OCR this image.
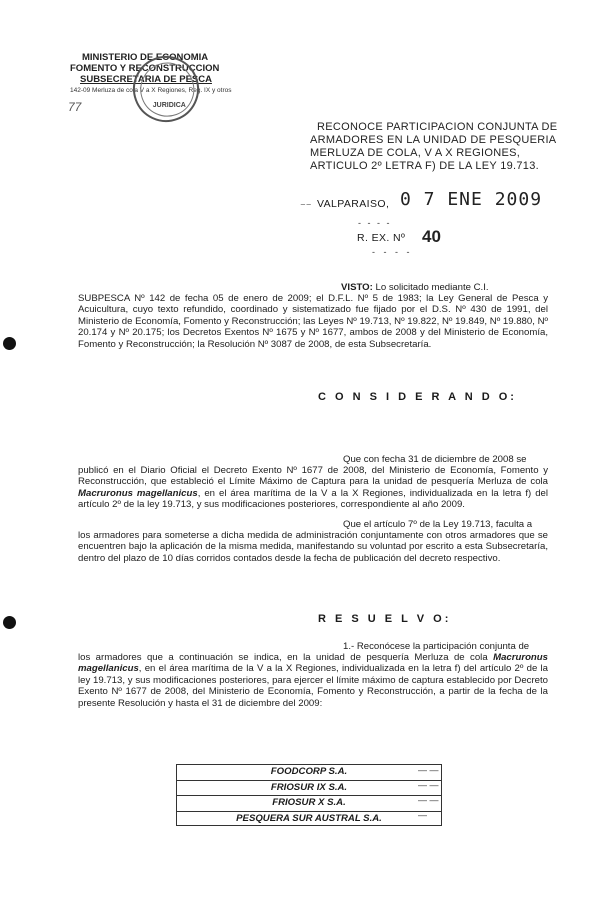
MINISTERIO DE ECONOMIA
FOMENTO Y RECONSTRUCCION
SUBSECRETARIA DE PESCA
142-09 Merluza de cola V a X Regiones, Reg. IX y otros
77	JURIDICA
RECONOCE PARTICIPACION CONJUNTA DE
ARMADORES EN LA UNIDAD DE PESQUERIA
MERLUZA DE COLA, V A X REGIONES,
ARTICULO 2º LETRA F) DE LA LEY 19.713.
⁻⁻ VALPARAISO, 0 7 ENE 2009
- - - -
R. EX. Nº 40
- - - -
VISTO: Lo solicitado mediante C.I.
SUBPESCA Nº 142 de fecha 05 de enero de 2009; el D.F.L. Nº 5 de 1983; la Ley General de Pesca y Acuicultura, cuyo texto refundido, coordinado y sistematizado fue fijado por el D.S. Nº 430 de 1991, del Ministerio de Economía, Fomento y Reconstrucción; las Leyes Nº 19.713, Nº 19.822, Nº 19.849, Nº 19.880, Nº 20.174 y Nº 20.175; los Decretos Exentos Nº 1675 y Nº 1677, ambos de 2008 y del Ministerio de Economía, Fomento y Reconstrucción; la Resolución Nº 3087 de 2008, de esta Subsecretaría.
C O N S I D E R A N D O:
Que con fecha 31 de diciembre de 2008 se
publicó en el Diario Oficial el Decreto Exento Nº 1677 de 2008, del Ministerio de Economía, Fomento y Reconstrucción, que estableció el Límite Máximo de Captura para la unidad de pesquería Merluza de cola Macruronus magellanicus, en el área marítima de la V a la X Regiones, individualizada en la letra f) del artículo 2º de la ley 19.713, y sus modificaciones posteriores, correspondiente al año 2009.
Que el artículo 7º de la Ley 19.713, faculta a
los armadores para someterse a dicha medida de administración conjuntamente con otros armadores que se encuentren bajo la aplicación de la misma medida, manifestando su voluntad por escrito a esta Subsecretaría, dentro del plazo de 10 días corridos contados desde la fecha de publicación del decreto respectivo.
R E S U E L V O:
1.- Reconócese la participación conjunta de
los armadores que a continuación se indica, en la unidad de pesquería Merluza de cola Macruronus magellanicus, en el área marítima de la V a la X Regiones, individualizada en la letra f) del artículo 2º de la ley 19.713, y sus modificaciones posteriores, para ejercer el límite máximo de captura establecido por Decreto Exento Nº 1677 de 2008, del Ministerio de Economía, Fomento y Reconstrucción, a partir de la fecha de la presente Resolución y hasta el 31 de diciembre del 2009:
FOODCORP S.A.
FRIOSUR IX S.A.
FRIOSUR X S.A.
PESQUERA SUR AUSTRAL S.A.
— —
— —
— —
—
